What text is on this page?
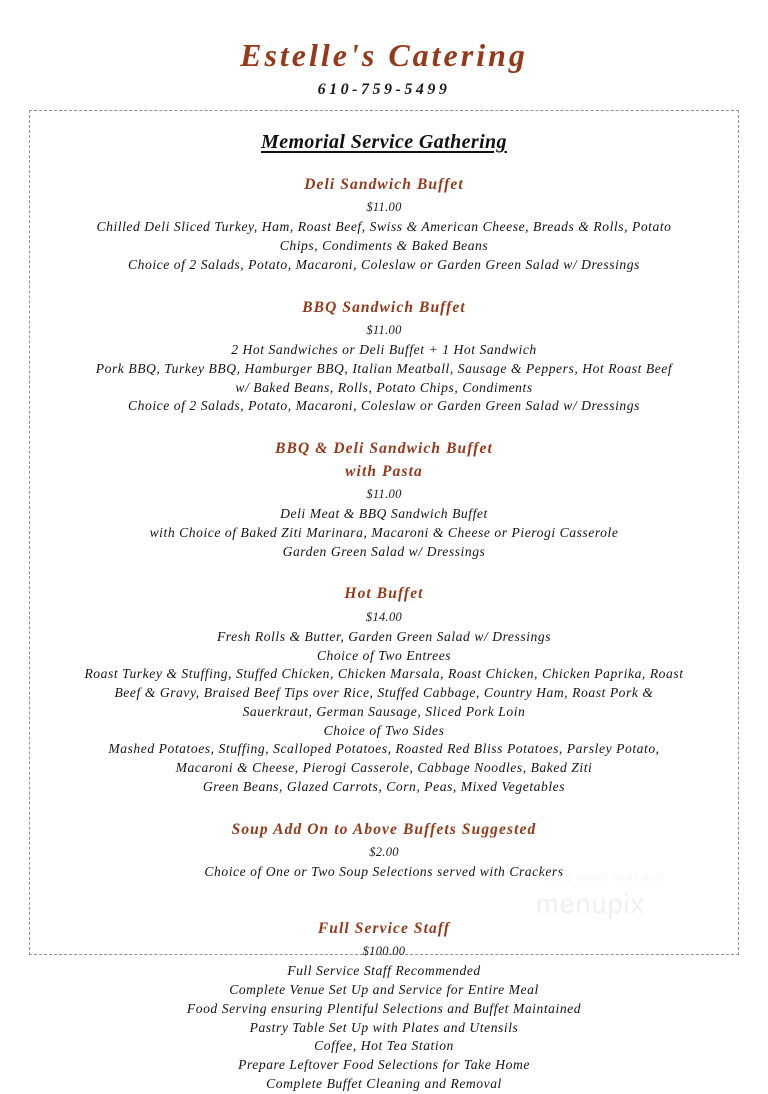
Estelle's Catering
610-759-5499
Memorial Service Gathering
Deli Sandwich Buffet
$11.00
Chilled Deli Sliced Turkey, Ham, Roast Beef, Swiss & American Cheese, Breads & Rolls, Potato
Chips, Condiments & Baked Beans
Choice of 2 Salads, Potato, Macaroni, Coleslaw or Garden Green Salad w/ Dressings
BBQ Sandwich Buffet
$11.00
2 Hot Sandwiches or Deli Buffet + 1 Hot Sandwich
Pork BBQ, Turkey BBQ, Hamburger BBQ, Italian Meatball, Sausage & Peppers, Hot Roast Beef
w/ Baked Beans, Rolls, Potato Chips, Condiments
Choice of 2 Salads, Potato, Macaroni, Coleslaw or Garden Green Salad w/ Dressings
BBQ & Deli Sandwich Buffet
with Pasta
$11.00
Deli Meat & BBQ Sandwich Buffet
with Choice of Baked Ziti Marinara, Macaroni & Cheese or Pierogi Casserole
Garden Green Salad w/ Dressings
Hot Buffet
$14.00
Fresh Rolls & Butter, Garden Green Salad w/ Dressings
Choice of Two Entrees
Roast Turkey & Stuffing, Stuffed Chicken, Chicken Marsala, Roast Chicken, Chicken Paprika, Roast
Beef & Gravy, Braised Beef Tips over Rice, Stuffed Cabbage, Country Ham, Roast Pork &
Sauerkraut, German Sausage, Sliced Pork Loin
Choice of Two Sides
Mashed Potatoes, Stuffing, Scalloped Potatoes, Roasted Red Bliss Potatoes, Parsley Potato,
Macaroni & Cheese, Pierogi Casserole, Cabbage Noodles, Baked Ziti
Green Beans, Glazed Carrots, Corn, Peas, Mixed Vegetables
Soup Add On to Above Buffets Suggested
$2.00
Choice of One or Two Soup Selections served with Crackers
Full Service Staff
$100.00
Full Service Staff Recommended
Complete Venue Set Up and Service for Entire Meal
Food Serving ensuring Plentiful Selections and Buffet Maintained
Pastry Table Set Up with Plates and Utensils
Coffee, Hot Tea Station
Prepare Leftover Food Selections for Take Home
Complete Buffet Cleaning and Removal
find a menu near you
menupix
